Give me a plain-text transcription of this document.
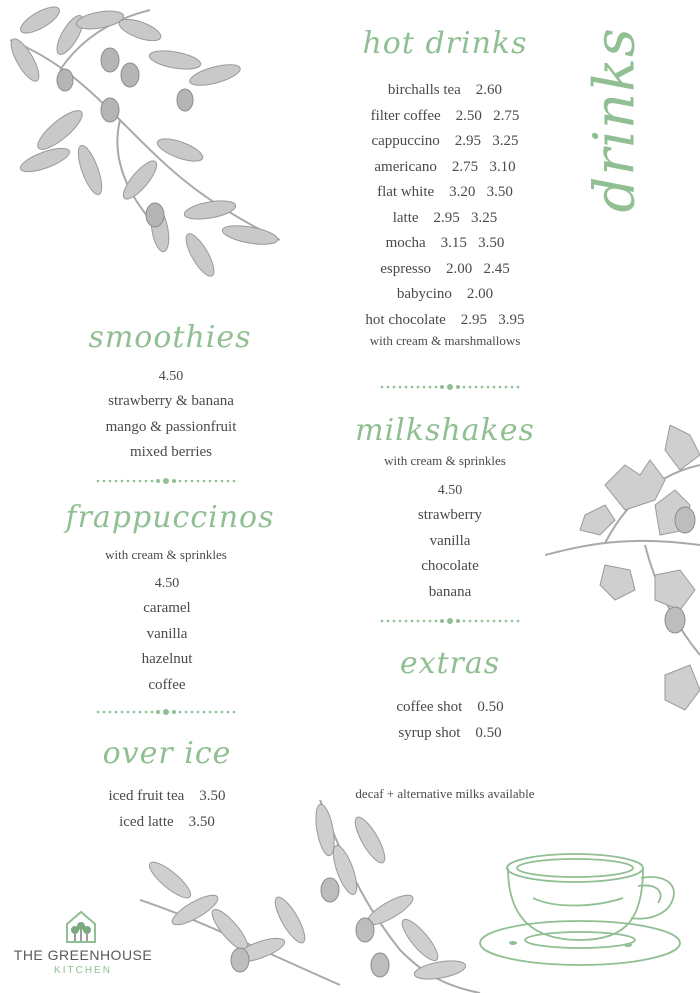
drinks
hot drinks
birchalls tea    2.60
filter coffee    2.50   2.75
cappuccino    2.95   3.25
americano    2.75   3.10
flat white    3.20   3.50
latte    2.95   3.25
mocha    3.15   3.50
espresso    2.00   2.45
babycino    2.00
hot chocolate    2.95   3.95
with cream & marshmallows
milkshakes
with cream & sprinkles
4.50
strawberry
vanilla
chocolate
banana
extras
coffee shot    0.50
syrup shot    0.50
decaf + alternative milks available
smoothies
4.50
strawberry & banana
mango & passionfruit
mixed berries
frappuccinos
with cream & sprinkles
4.50
caramel
vanilla
hazelnut
coffee
over ice
iced fruit tea    3.50
iced latte    3.50
THE GREENHOUSE
KITCHEN
